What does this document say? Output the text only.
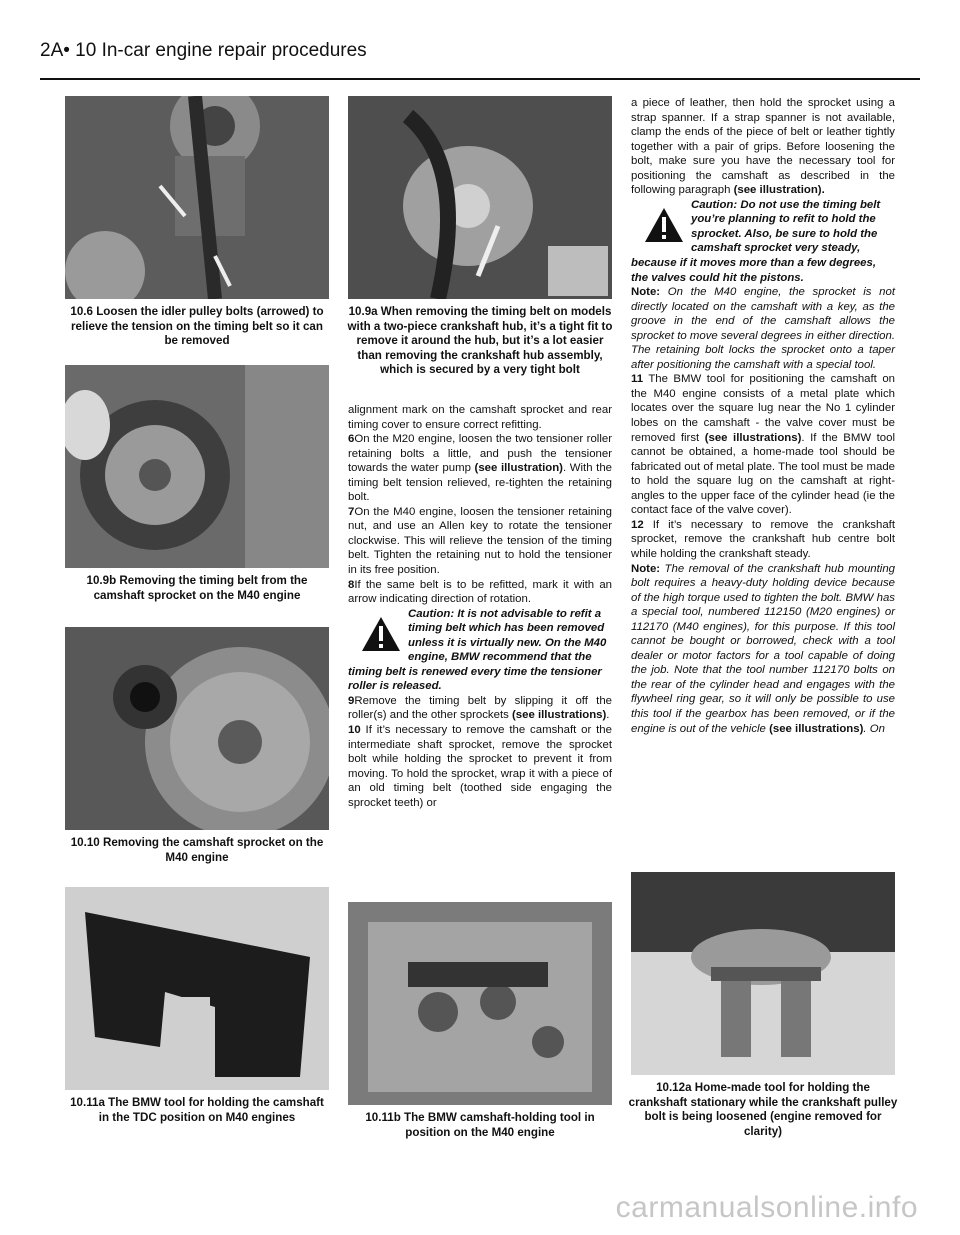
2A• 10 In-car engine repair procedures
10.6 Loosen the idler pulley bolts (arrowed) to relieve the tension on the timing belt so it can be removed
10.9a When removing the timing belt on models with a two-piece crankshaft hub, it’s a tight fit to remove it around the hub, but it’s a lot easier than removing the crankshaft hub assembly, which is secured by a very tight bolt
10.9b Removing the timing belt from the camshaft sprocket on the M40 engine
10.10 Removing the camshaft sprocket on the M40 engine
10.11a The BMW tool for holding the camshaft in the TDC position on M40 engines	10.11b The BMW camshaft-holding tool in position on the M40 engine
10.12a Home-made tool for holding the crankshaft stationary while the crankshaft pulley bolt is being loosened (engine removed for clarity)

alignment mark on the camshaft sprocket and rear timing cover to ensure correct refitting.

6On the M20 engine, loosen the two tensioner roller retaining bolts a little, and push the tensioner towards the water pump (see illustration). With the timing belt tension relieved, re-tighten the retaining bolt.

7On the M40 engine, loosen the tensioner retaining nut, and use an Allen key to rotate the tensioner clockwise. This will relieve the tension of the timing belt. Tighten the retaining nut to hold the tensioner in its free position.

8If the same belt is to be refitted, mark it with an arrow indicating direction of rotation.

Caution: It is not advisable to refit a timing belt which has been removed unless it is virtually new. On the M40 engine, BMW recommend that the timing belt is renewed every time the tensioner roller is released.

9Remove the timing belt by slipping it off the roller(s) and the other sprockets (see illustrations).

10 If it’s necessary to remove the camshaft or the intermediate shaft sprocket, remove the sprocket bolt while holding the sprocket to prevent it from moving. To hold the sprocket, wrap it with a piece of an old timing belt (toothed side engaging the sprocket teeth) or

a piece of leather, then hold the sprocket using a strap spanner. If a strap spanner is not available, clamp the ends of the piece of belt or leather tightly together with a pair of grips. Before loosening the bolt, make sure you have the necessary tool for positioning the camshaft as described in the following paragraph (see illustration).

Caution: Do not use the timing belt you’re planning to refit to hold the sprocket. Also, be sure to hold the camshaft sprocket very steady, because if it moves more than a few degrees, the valves could hit the pistons.

Note: On the M40 engine, the sprocket is not directly located on the camshaft with a key, as the groove in the end of the camshaft allows the sprocket to move several degrees in either direction. The retaining bolt locks the sprocket onto a taper after positioning the camshaft with a special tool.

11 The BMW tool for positioning the camshaft on the M40 engine consists of a metal plate which locates over the square lug near the No 1 cylinder lobes on the camshaft - the valve cover must be removed first (see illustrations). If the BMW tool cannot be obtained, a home-made tool should be fabricated out of metal plate. The tool must be made to hold the square lug on the camshaft at right-angles to the upper face of the cylinder head (ie the contact face of the valve cover).

12 If it’s necessary to remove the crankshaft sprocket, remove the crankshaft hub centre bolt while holding the crankshaft steady.

Note: The removal of the crankshaft hub mounting bolt requires a heavy-duty holding device because of the high torque used to tighten the bolt. BMW has a special tool, numbered 112150 (M20 engines) or 112170 (M40 engines), for this purpose. If this tool cannot be bought or borrowed, check with a tool dealer or motor factors for a tool capable of doing the job. Note that the tool number 112170 bolts on the rear of the cylinder head and engages with the flywheel ring gear, so it will only be possible to use this tool if the gearbox has been removed, or if the engine is out of the vehicle (see illustrations). On

carmanualsonline.info
